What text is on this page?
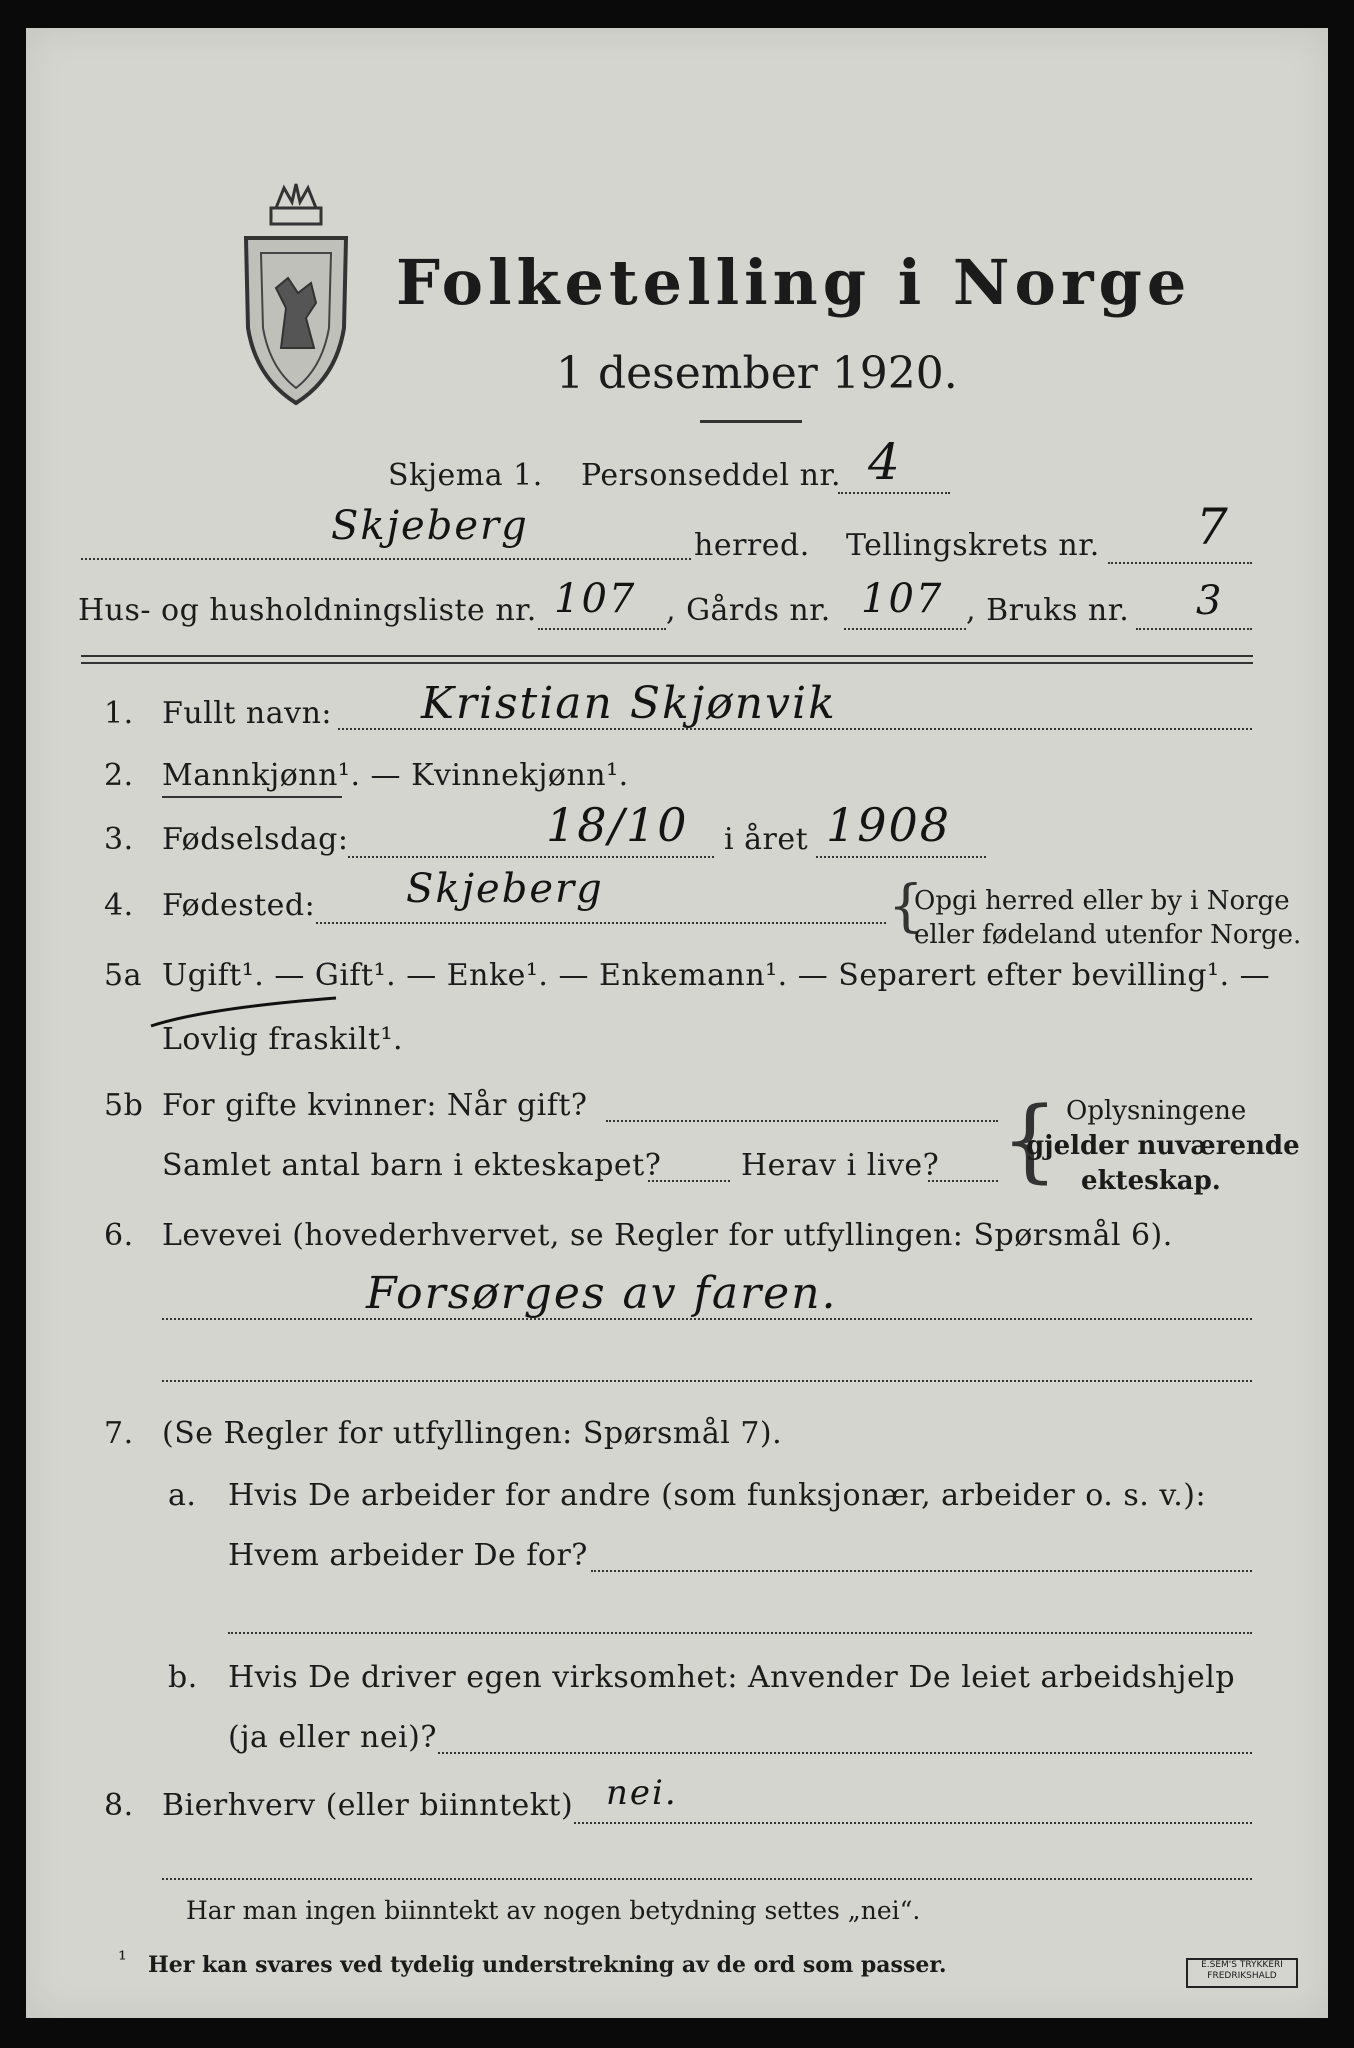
Folketelling i Norge
1 desember 1920.
Skjema 1. Personseddel nr. 4
Skjeberg	herred. Tellingskrets nr. 7
Hus- og husholdningsliste nr. 107 , Gårds nr. 107 , Bruks nr. 3
1. Fullt navn: Kristian Skjønvik
2. Mannkjønn¹. — Kvinnekjønn¹.
3. Fødselsdag:	18/10 i året 1908
4. Fødested: Skjeberg	{
Opgi herred eller by i Norge
eller fødeland utenfor Norge.
5a Ugift¹. — Gift¹. — Enke¹. — Enkemann¹. — Separert efter bevilling¹. —
Lovlig fraskilt¹.
5b For gifte kvinner: Når gift?
Samlet antal barn i ekteskapet?	Herav i live? { Oplysningene
gjelder nuværende
ekteskap.
6. Levevei (hovederhvervet, se Regler for utfyllingen: Spørsmål 6).
Forsørges av faren.
7. (Se Regler for utfyllingen: Spørsmål 7).
a. Hvis De arbeider for andre (som funksjonær, arbeider o. s. v.):
Hvem arbeider De for?
b. Hvis De driver egen virksomhet: Anvender De leiet arbeidshjelp
(ja eller nei)?
8. Bierhverv (eller biinntekt) nei.
Har man ingen biinntekt av nogen betydning settes „nei“.
¹ Her kan svares ved tydelig understrekning av de ord som passer.	E.SEM'S TRYKKERI FREDRIKSHALD
